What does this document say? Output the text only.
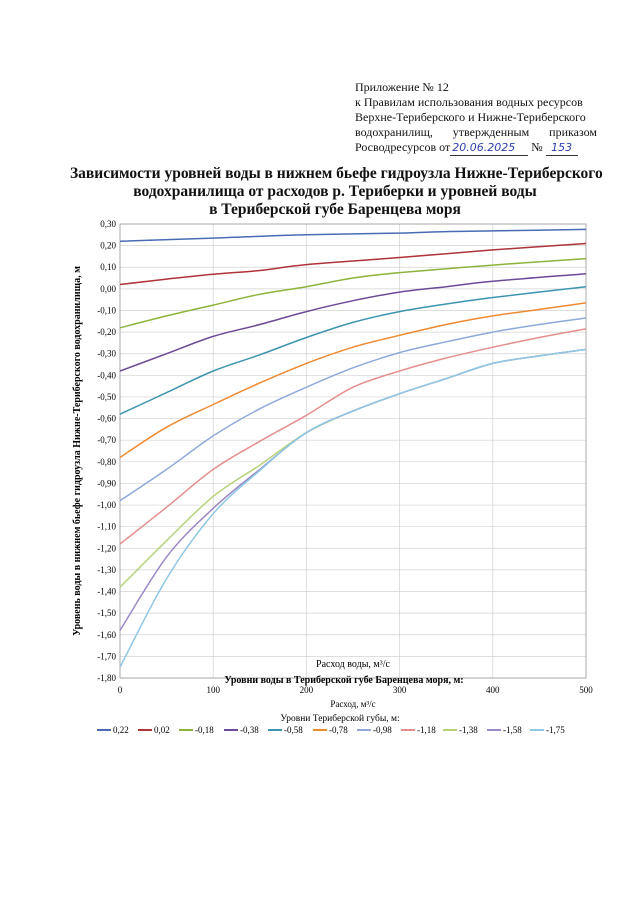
Приложение № 12
к Правилам использования водных ресурсов
Верхне-Териберского и Нижне-Териберского
водохранилищ, утвержденным приказом
Росводресурсов от 20.06.2025 № 153
Зависимости уровней воды в нижнем бьефе гидроузла Нижне-Териберского
водохранилища от расходов р. Териберки и уровней воды
в Териберской губе Баренцева моря
0,30
0,20
0,10
0,00
-0,10
-0,20
-0,30
-0,40
-0,50
-0,60
-0,70
-0,80
-0,90
-1,00
-1,10
-1,20
-1,30
-1,40
-1,50
-1,60
-1,70
-1,80
0	100	200	300	400	500
Уровень воды в нижнем бьефе гидроузла Нижне-Териберского водохранилища, м
Расход воды, м³/с
Уровни воды в Териберской губе Баренцева моря, м:
Расход, м³/с
Уровни Териберской губы, м:
0,22	0,02	-0,18	-0,38	-0,58	-0,78	-0,98	-1,18	-1,38	-1,58	-1,75
